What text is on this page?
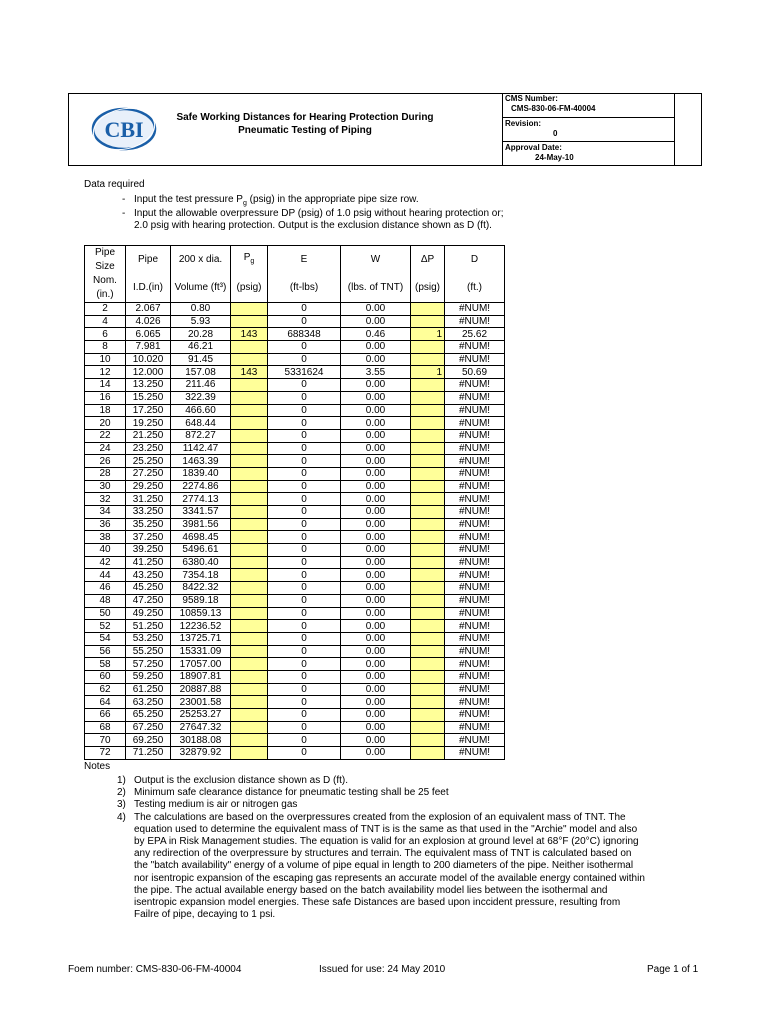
CBI	Safe Working Distances for Hearing Protection During
Pneumatic Testing of Piping
CMS Number:
CMS-830-06-FM-40004
Revision:
0
Approval Date:
24-May-10
Data required
- Input the test pressure $P_g$ (psig) in the appropriate pipe size row.
- Input the allowable overpressure DP (psig) of 1.0 psig without hearing protection or;
2.0 psig with hearing protection. Output is the exclusion distance shown as D (ft).
Pipe Size	Pipe	200 x dia.	$P_g$	E	W	ΔP	D
Nom. (in.)	I.D.(in)	Volume (ft³)	(psig)	(ft-lbs)	(lbs. of TNT)	(psig)	(ft.)
2	2.067	0.80		0	0.00		#NUM!
4	4.026	5.93		0	0.00		#NUM!
6	6.065	20.28	143	688348	0.46	1	25.62
8	7.981	46.21		0	0.00		#NUM!
10	10.020	91.45		0	0.00		#NUM!
12	12.000	157.08	143	5331624	3.55	1	50.69
14	13.250	211.46		0	0.00		#NUM!
16	15.250	322.39		0	0.00		#NUM!
18	17.250	466.60		0	0.00		#NUM!
20	19.250	648.44		0	0.00		#NUM!
22	21.250	872.27		0	0.00		#NUM!
24	23.250	1142.47		0	0.00		#NUM!
26	25.250	1463.39		0	0.00		#NUM!
28	27.250	1839.40		0	0.00		#NUM!
30	29.250	2274.86		0	0.00		#NUM!
32	31.250	2774.13		0	0.00		#NUM!
34	33.250	3341.57		0	0.00		#NUM!
36	35.250	3981.56		0	0.00		#NUM!
38	37.250	4698.45		0	0.00		#NUM!
40	39.250	5496.61		0	0.00		#NUM!
42	41.250	6380.40		0	0.00		#NUM!
44	43.250	7354.18		0	0.00		#NUM!
46	45.250	8422.32		0	0.00		#NUM!
48	47.250	9589.18		0	0.00		#NUM!
50	49.250	10859.13		0	0.00		#NUM!
52	51.250	12236.52		0	0.00		#NUM!
54	53.250	13725.71		0	0.00		#NUM!
56	55.250	15331.09		0	0.00		#NUM!
58	57.250	17057.00		0	0.00		#NUM!
60	59.250	18907.81		0	0.00		#NUM!
62	61.250	20887.88		0	0.00		#NUM!
64	63.250	23001.58		0	0.00		#NUM!
66	65.250	25253.27		0	0.00		#NUM!
68	67.250	27647.32		0	0.00		#NUM!
70	69.250	30188.08		0	0.00		#NUM!
72	71.250	32879.92		0	0.00		#NUM!
Notes
1) Output is the exclusion distance shown as D (ft).
2) Minimum safe clearance distance for pneumatic testing shall be 25 feet
3) Testing medium is air or nitrogen gas
4) The calculations are based on the overpressures created from the explosion of an equivalent mass of TNT. The
equation used to determine the equivalent mass of TNT is is the same as that used in the "Archie" model and also
by EPA in Risk Management studies. The equation is valid for an explosion at ground level at 68°F (20°C) ignoring
any redirection of the overpressure by structures and terrain. The equivalent mass of TNT is calculated based on
the "batch availability" energy of a volume of pipe equal in length to 200 diameters of the pipe. Neither isothermal
nor isentropic expansion of the escaping gas represents an accurate model of the available energy contained within
the pipe. The actual available energy based on the batch availability model lies between the isothermal and
isentropic expansion model energies. These safe Distances are based upon inccident pressure, resulting from
Failre of pipe, decaying to 1 psi.
Foem number: CMS-830-06-FM-40004	Issued for use: 24 May 2010	Page 1 of 1
